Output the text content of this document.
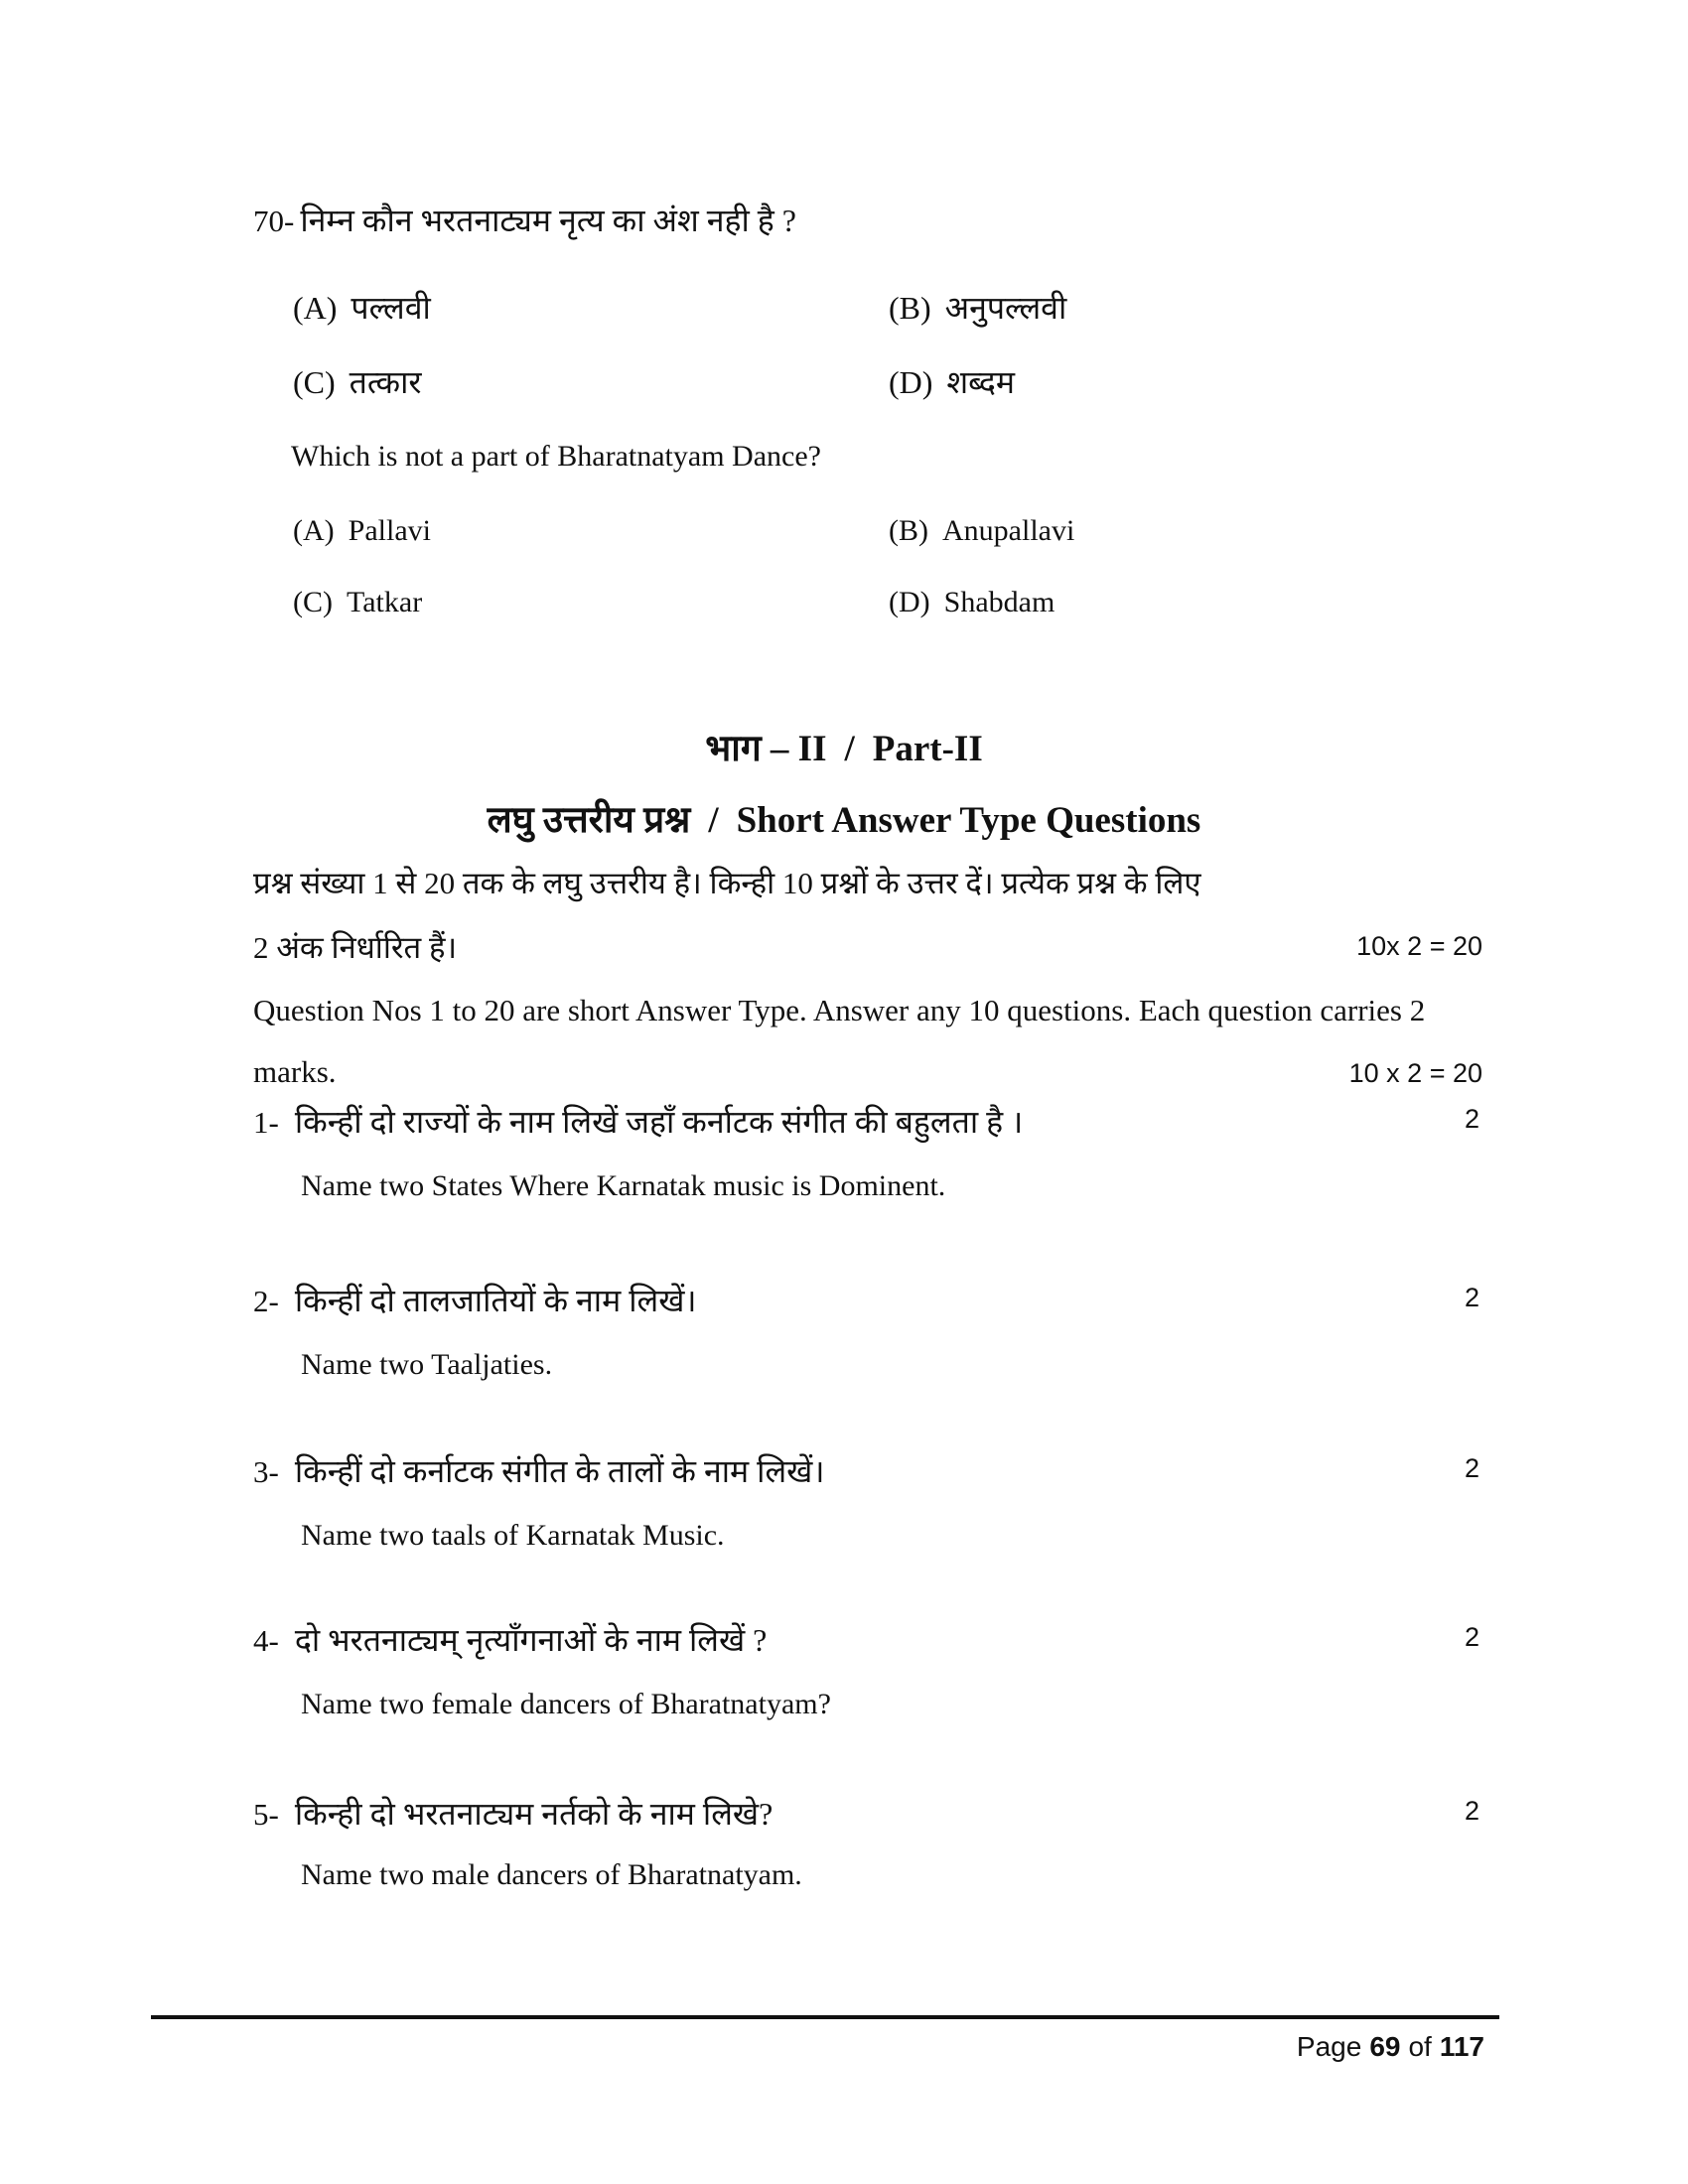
70- निम्न कौन भरतनाट्यम नृत्य का अंश नही है ?
(A) पल्लवी	(B) अनुपल्लवी
(C) तत्कार	(D) शब्दम
Which is not a part of Bharatnatyam Dance?
(A) Pallavi	(B) Anupallavi
(C) Tatkar	(D) Shabdam
भाग – II / Part-II
लघु उत्तरीय प्रश्न / Short Answer Type Questions
प्रश्न संख्या 1 से 20 तक के लघु उत्तरीय है। किन्ही 10 प्रश्नों के उत्तर दें। प्रत्येक प्रश्न के लिए
2 अंक निर्धारित हैं।	10x 2 = 20
Question Nos 1 to 20 are short Answer Type. Answer any 10 questions. Each question carries 2
marks.	10 x 2 = 20
1- किन्हीं दो राज्यों के नाम लिखें जहाँ कर्नाटक संगीत की बहुलता है ।	2
Name two States Where Karnatak music is Dominent.
2- किन्हीं दो तालजातियों के नाम लिखें।	2
Name two Taaljaties.
3- किन्हीं दो कर्नाटक संगीत के तालों के नाम लिखें।	2
Name two taals of Karnatak Music.
4- दो भरतनाट्यम् नृत्याँगनाओं के नाम लिखें ?	2
Name two female dancers of Bharatnatyam?
5- किन्ही दो भरतनाट्यम नर्तको के नाम लिखे?	2
Name two male dancers of Bharatnatyam.
Page 69 of 117
